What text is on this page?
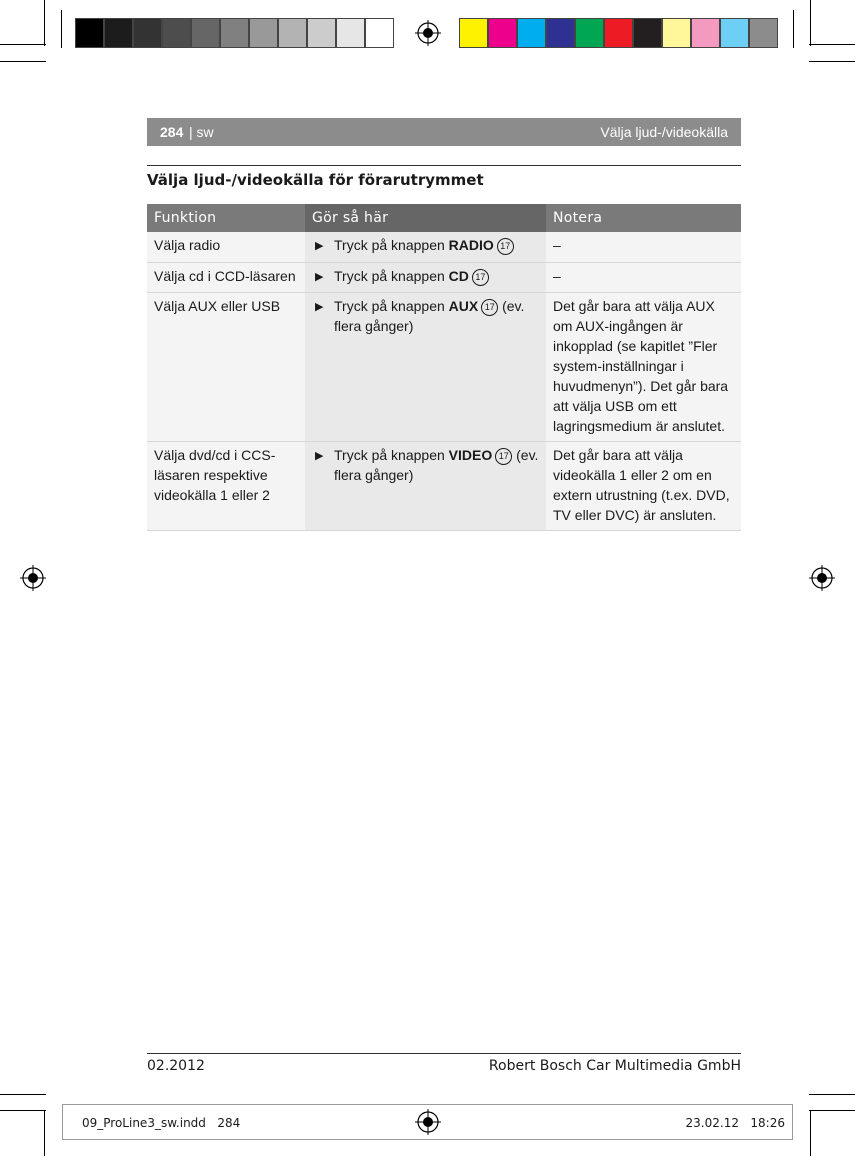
284 | sw	Välja ljud-/videokälla
Välja ljud-/videokälla för förarutrymmet
Funktion	Gör så här	Notera
Välja radio	▶ Tryck på knappen RADIO 17	–
Välja cd i CCD-läsaren	▶ Tryck på knappen CD 17	–
Välja AUX eller USB	▶ Tryck på knappen AUX 17 (ev. flera gånger)	Det går bara att välja AUX om AUX-ingången är inkopplad (se kapitlet ”Fler system-inställningar i huvudmenyn”). Det går bara att välja USB om ett lagringsmedium är anslutet.
Välja dvd/cd i CCS-läsaren respektive videokälla 1 eller 2	▶ Tryck på knappen VIDEO 17 (ev. flera gånger)	Det går bara att välja videokälla 1 eller 2 om en extern utrustning (t.ex. DVD, TV eller DVC) är ansluten.
02.2012	Robert Bosch Car Multimedia GmbH
09_ProLine3_sw.indd   284	23.02.12   18:26
